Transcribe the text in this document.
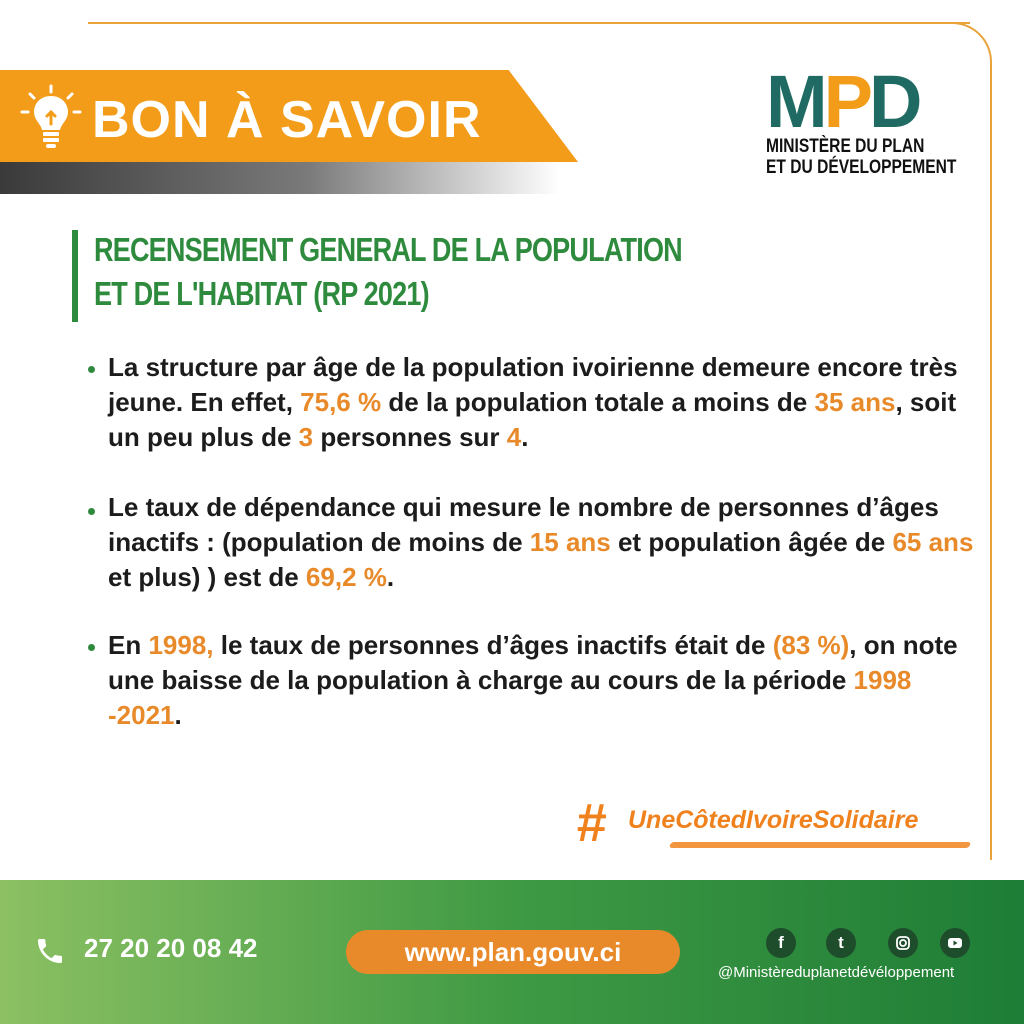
BON À SAVOIR	MPD
MINISTÈRE DU PLAN
ET DU DÉVELOPPEMENT
RECENSEMENT GENERAL DE LA POPULATION
ET DE L'HABITAT (RP 2021)
La structure par âge de la population ivoirienne demeure encore très jeune. En effet, 75,6 % de la population totale a moins de 35 ans, soit un peu plus de 3 personnes sur 4.
Le taux de dépendance qui mesure le nombre de personnes d’âges inactifs : (population de moins de 15 ans et population âgée de 65 ans et plus) ) est de 69,2 %.
En 1998, le taux de personnes d’âges inactifs était de (83 %), on note une baisse de la population à charge au cours de la période 1998 -2021.
# UneCôtedIvoireSolidaire
27 20 20 08 42	www.plan.gouv.ci	f	t
@Ministèreduplanetdévéloppement
